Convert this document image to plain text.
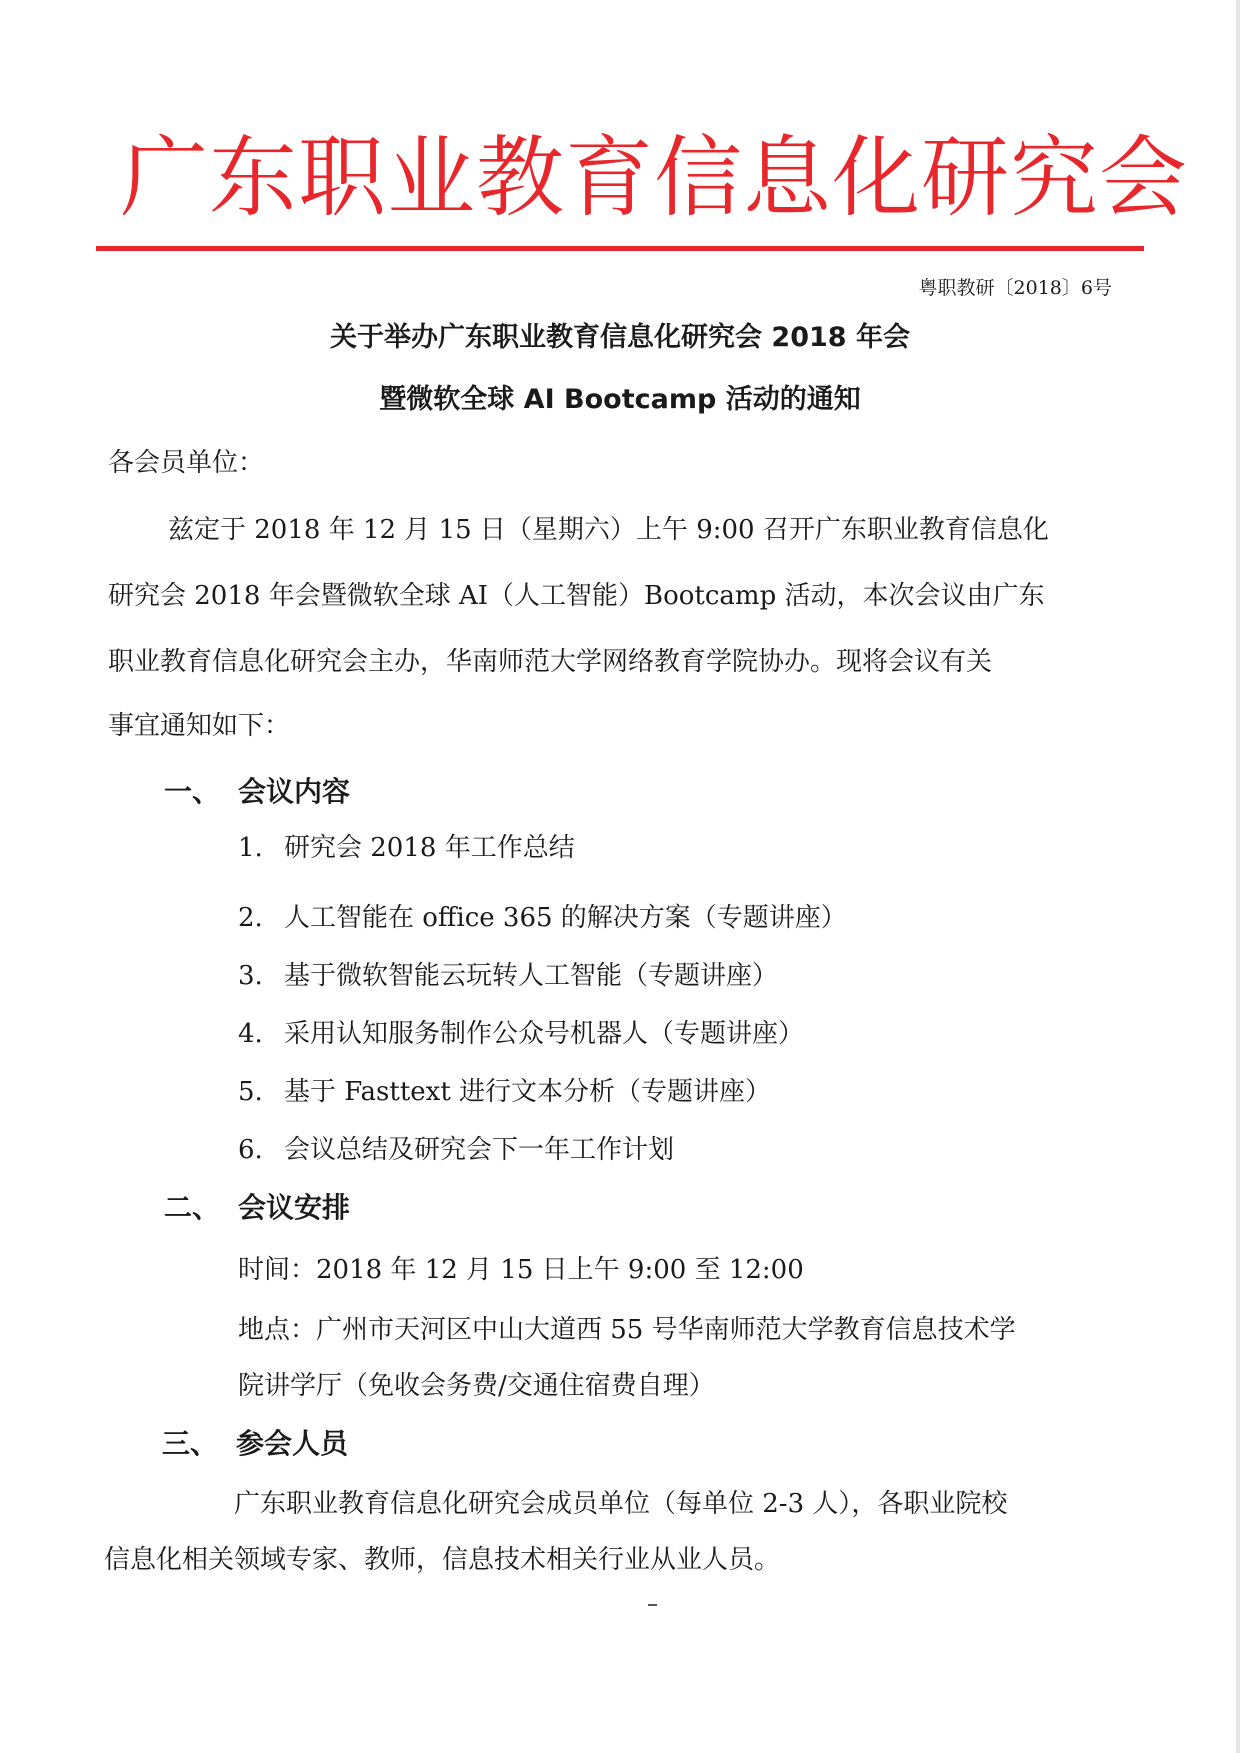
广东职业教育信息化研究会
粤职教研〔2018〕6号
关于举办广东职业教育信息化研究会 2018 年会
暨微软全球 AI Bootcamp 活动的通知
各会员单位：
兹定于 2018 年 12 月 15 日（星期六）上午 9:00 召开广东职业教育信息化
研究会 2018 年会暨微软全球 AI（人工智能）Bootcamp 活动，本次会议由广东
职业教育信息化研究会主办，华南师范大学网络教育学院协办。现将会议有关
事宜通知如下：
一、 会议内容
1. 研究会 2018 年工作总结
2. 人工智能在 office 365 的解决方案（专题讲座）
3. 基于微软智能云玩转人工智能（专题讲座）
4. 采用认知服务制作公众号机器人（专题讲座）
5. 基于 Fasttext 进行文本分析（专题讲座）
6. 会议总结及研究会下一年工作计划
二、 会议安排
时间：2018 年 12 月 15 日上午 9:00 至 12:00
地点：广州市天河区中山大道西 55 号华南师范大学教育信息技术学
院讲学厅（免收会务费/交通住宿费自理）
三、 参会人员
广东职业教育信息化研究会成员单位（每单位 2-3 人），各职业院校
信息化相关领域专家、教师，信息技术相关行业从业人员。
